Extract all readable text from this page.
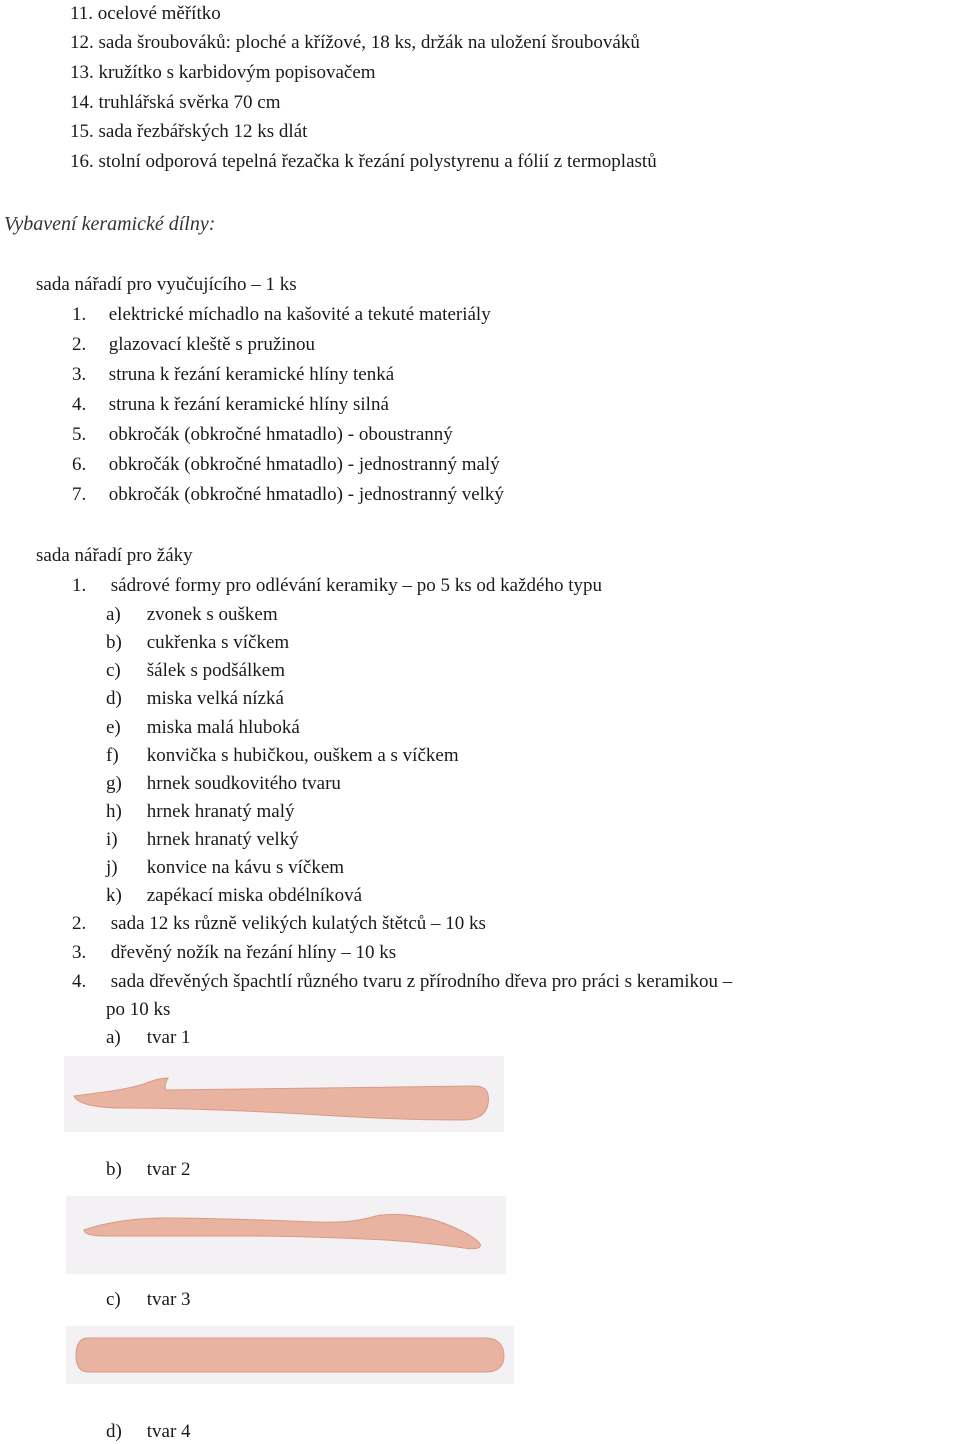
11. ocelové měřítko
12. sada šroubováků: ploché a křížové, 18 ks, držák na uložení šroubováků
13. kružítko s karbidovým popisovačem
14. truhlářská svěrka 70 cm
15. sada řezbářských 12 ks dlát
16. stolní odporová tepelná řezačka k řezání polystyrenu a fólií z termoplastů
Vybavení keramické dílny:
sada nářadí pro vyučujícího – 1 ks
1. elektrické míchadlo na kašovité a tekuté materiály
2. glazovací kleště s pružinou
3. struna k řezání keramické hlíny tenká
4. struna k řezání keramické hlíny silná
5. obkročák (obkročné hmatadlo) - oboustranný
6. obkročák (obkročné hmatadlo) - jednostranný malý
7. obkročák (obkročné hmatadlo) - jednostranný velký
sada nářadí pro žáky
1. sádrové formy pro odlévání keramiky – po 5 ks od každého typu
a) zvonek s ouškem
b) cukřenka s víčkem
c) šálek s podšálkem
d) miska velká nízká
e) miska malá hluboká
f) konvička s hubičkou, ouškem a s víčkem
g) hrnek soudkovitého tvaru
h) hrnek hranatý malý
i) hrnek hranatý velký
j) konvice na kávu s víčkem
k) zapékací miska obdélníková
2. sada 12 ks různě velikých kulatých štětců – 10 ks
3. dřevěný nožík na řezání hlíny – 10 ks
4. sada dřevěných špachtlí různého tvaru z přírodního dřeva pro práci s keramikou –
po 10 ks
a) tvar 1
b) tvar 2
c) tvar 3
d) tvar 4
